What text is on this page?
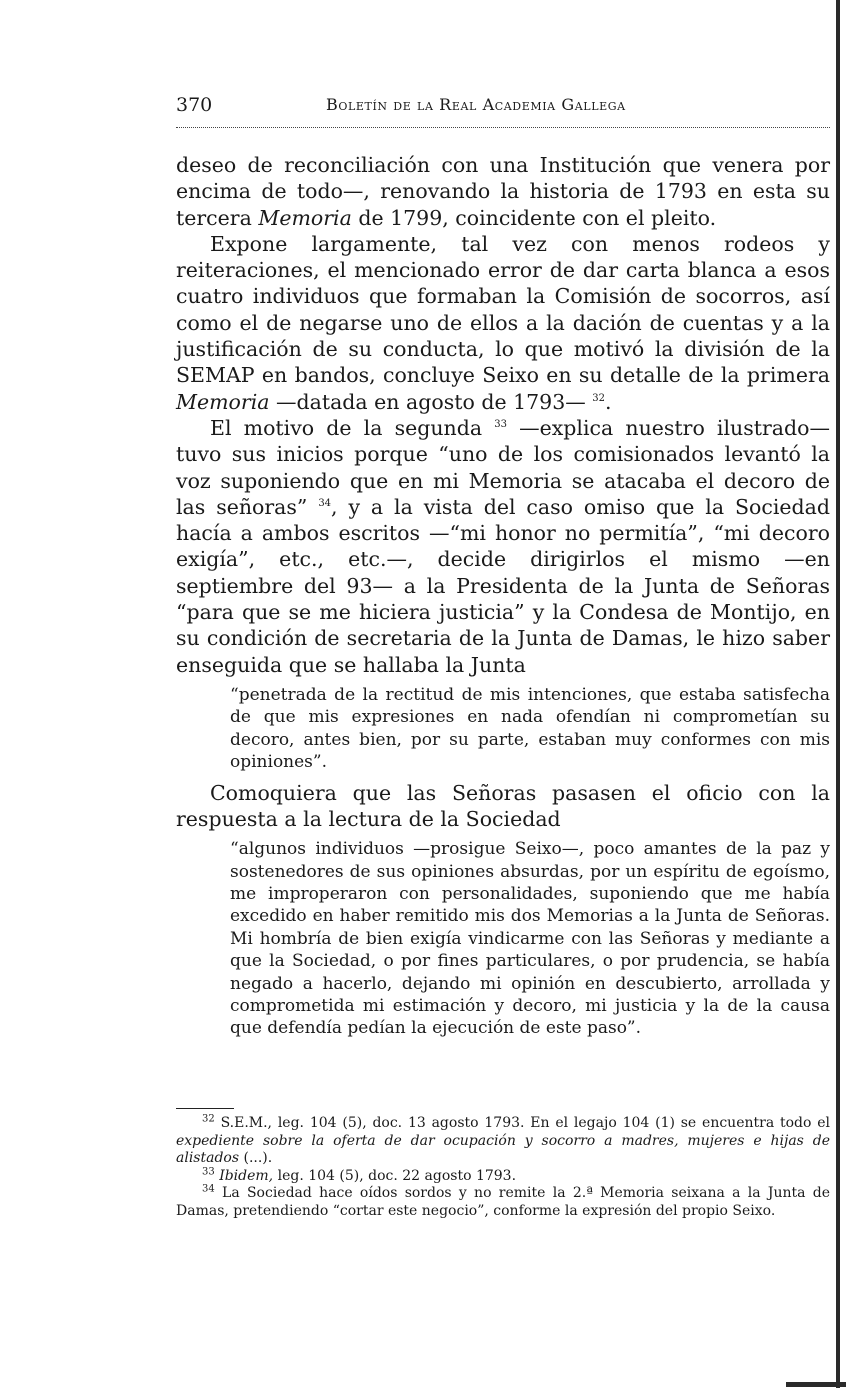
370	Boletín de la Real Academia Gallega

deseo de reconciliación con una Institución que venera por encima de todo—, renovando la historia de 1793 en esta su tercera Memoria de 1799, coincidente con el pleito.

Expone largamente, tal vez con menos rodeos y reiteraciones, el mencionado error de dar carta blanca a esos cuatro individuos que formaban la Comisión de socorros, así como el de negarse uno de ellos a la dación de cuentas y a la justificación de su conducta, lo que motivó la división de la SEMAP en bandos, concluye Seixo en su detalle de la primera Memoria —datada en agosto de 1793— $^{32}$.

El motivo de la segunda $^{33}$ —explica nuestro ilustrado— tuvo sus inicios porque “uno de los comisionados levantó la voz suponiendo que en mi Memoria se atacaba el decoro de las señoras” $^{34}$, y a la vista del caso omiso que la Sociedad hacía a ambos escritos —“mi honor no permitía”, “mi decoro exigía”, etc., etc.—, decide dirigirlos el mismo —en septiembre del 93— a la Presidenta de la Junta de Señoras “para que se me hiciera justicia” y la Condesa de Montijo, en su condición de secretaria de la Junta de Damas, le hizo saber enseguida que se hallaba la Junta

“penetrada de la rectitud de mis intenciones, que estaba satisfecha de que mis expresiones en nada ofendían ni comprometían su decoro, antes bien, por su parte, estaban muy conformes con mis opiniones”.

Comoquiera que las Señoras pasasen el oficio con la respuesta a la lectura de la Sociedad

“algunos individuos —prosigue Seixo—, poco amantes de la paz y sostenedores de sus opiniones absurdas, por un espíritu de egoísmo, me improperaron con personalidades, suponiendo que me había excedido en haber remitido mis dos Memorias a la Junta de Señoras. Mi hombría de bien exigía vindicarme con las Señoras y mediante a que la Sociedad, o por fines particulares, o por prudencia, se había negado a hacerlo, dejando mi opinión en descubierto, arrollada y comprometida mi estimación y decoro, mi justicia y la de la causa que defendía pedían la ejecución de este paso”.

$^{32}$ S.E.M., leg. 104 (5), doc. 13 agosto 1793. En el legajo 104 (1) se encuentra todo el expediente sobre la oferta de dar ocupación y socorro a madres, mujeres e hijas de alistados (...).

$^{33}$ Ibidem, leg. 104 (5), doc. 22 agosto 1793.

$^{34}$ La Sociedad hace oídos sordos y no remite la 2.ª Memoria seixana a la Junta de Damas, pretendiendo “cortar este negocio”, conforme la expresión del propio Seixo.
